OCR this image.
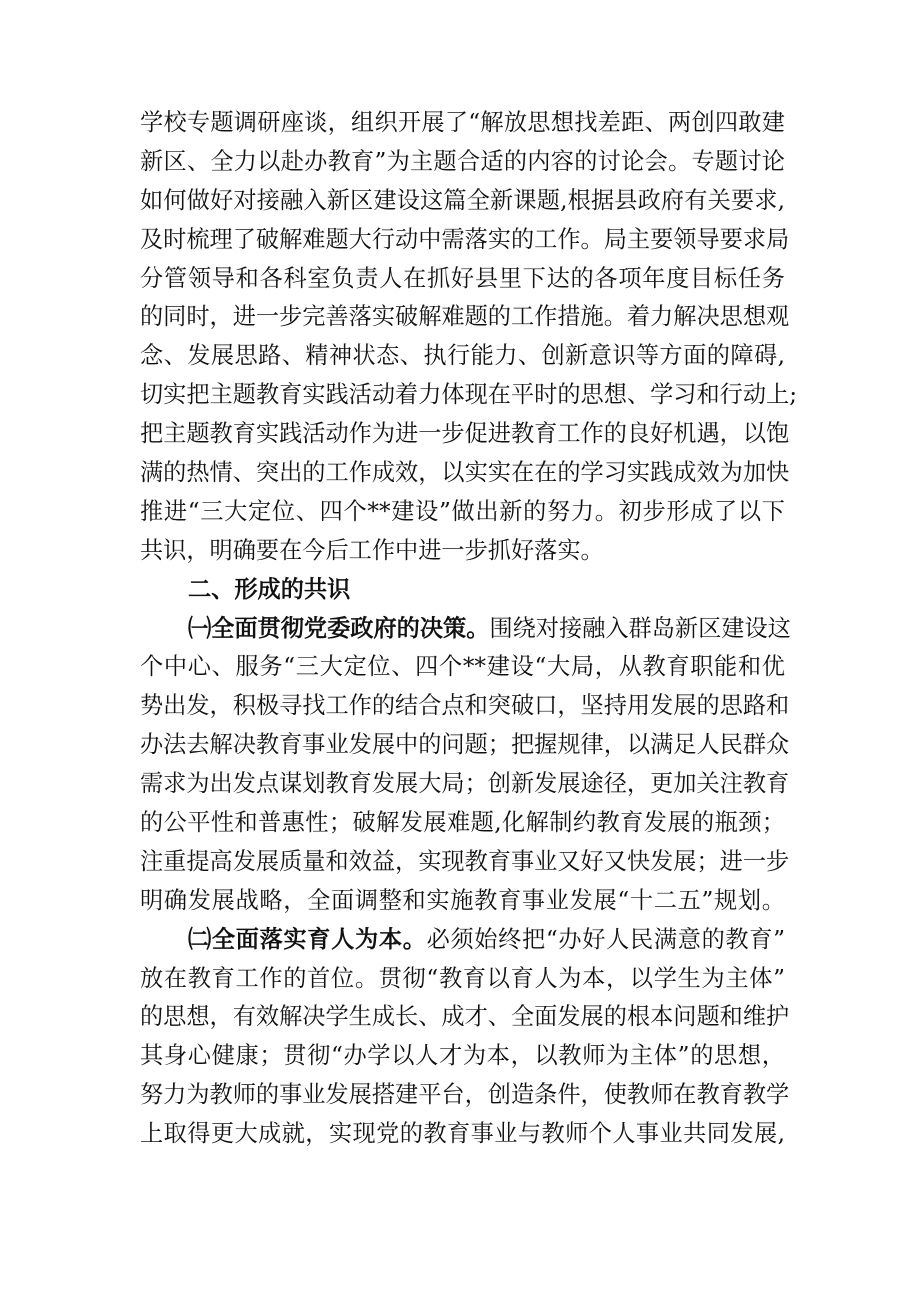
学校专题调研座谈，组织开展了“解放思想找差距、两创四敢建
新区、全力以赴办教育”为主题合适的内容的讨论会。专题讨论
如何做好对接融入新区建设这篇全新课题,根据县政府有关要求,
及时梳理了破解难题大行动中需落实的工作。局主要领导要求局
分管领导和各科室负责人在抓好县里下达的各项年度目标任务
的同时，进一步完善落实破解难题的工作措施。着力解决思想观
念、发展思路、精神状态、执行能力、创新意识等方面的障碍,
切实把主题教育实践活动着力体现在平时的思想、学习和行动上;
把主题教育实践活动作为进一步促进教育工作的良好机遇，以饱
满的热情、突出的工作成效，以实实在在的学习实践成效为加快
推进“三大定位、四个**建设”做出新的努力。初步形成了以下
共识，明确要在今后工作中进一步抓好落实。
二、形成的共识
㈠全面贯彻党委政府的决策。围绕对接融入群岛新区建设这
个中心、服务“三大定位、四个**建设“大局，从教育职能和优
势出发，积极寻找工作的结合点和突破口，坚持用发展的思路和
办法去解决教育事业发展中的问题；把握规律，以满足人民群众
需求为出发点谋划教育发展大局；创新发展途径，更加关注教育
的公平性和普惠性；破解发展难题,化解制约教育发展的瓶颈；
注重提高发展质量和效益，实现教育事业又好又快发展；进一步
明确发展战略，全面调整和实施教育事业发展“十二五”规划。
㈡全面落实育人为本。必须始终把“办好人民满意的教育”
放在教育工作的首位。贯彻“教育以育人为本，以学生为主体”
的思想，有效解决学生成长、成才、全面发展的根本问题和维护
其身心健康；贯彻“办学以人才为本，以教师为主体”的思想，
努力为教师的事业发展搭建平台，创造条件，使教师在教育教学
上取得更大成就，实现党的教育事业与教师个人事业共同发展,
